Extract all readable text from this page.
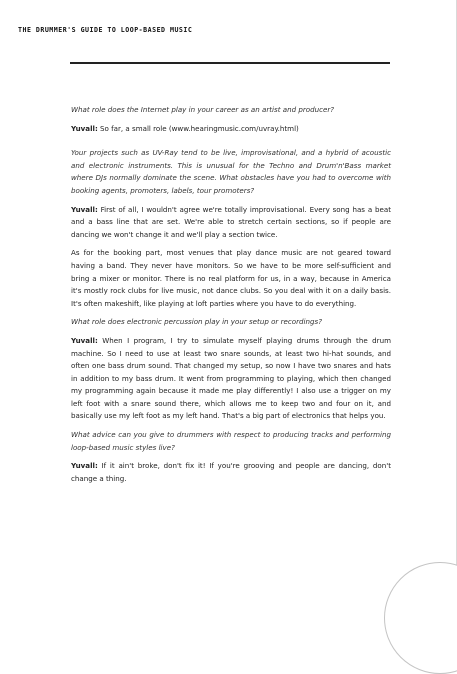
THE DRUMMER'S GUIDE TO LOOP-BASED MUSIC

What role does the Internet play in your career as an artist and producer?

Yuvall: So far, a small role (www.hearingmusic.com/uvray.html)

Your projects such as UV-Ray tend to be live, improvisational, and a hybrid of acoustic and electronic instruments. This is unusual for the Techno and Drum'n'Bass market where DJs normally dominate the scene. What obstacles have you had to overcome with booking agents, promoters, labels, tour promoters?

Yuvall: First of all, I wouldn't agree we're totally improvisational. Every song has a beat and a bass line that are set. We're able to stretch certain sections, so if people are dancing we won't change it and we'll play a section twice.

As for the booking part, most venues that play dance music are not geared toward having a band. They never have monitors. So we have to be more self-sufficient and bring a mixer or monitor. There is no real platform for us, in a way, because in America it's mostly rock clubs for live music, not dance clubs. So you deal with it on a daily basis. It's often makeshift, like playing at loft parties where you have to do everything.

What role does electronic percussion play in your setup or recordings?

Yuvall: When I program, I try to simulate myself playing drums through the drum machine. So I need to use at least two snare sounds, at least two hi-hat sounds, and often one bass drum sound. That changed my setup, so now I have two snares and hats in addition to my bass drum. It went from programming to playing, which then changed my programming again because it made me play differently! I also use a trigger on my left foot with a snare sound there, which allows me to keep two and four on it, and basically use my left foot as my left hand. That's a big part of electronics that helps you.

What advice can you give to drummers with respect to producing tracks and performing loop-based music styles live?

Yuvall: If it ain't broke, don't fix it! If you're grooving and people are dancing, don't change a thing.
